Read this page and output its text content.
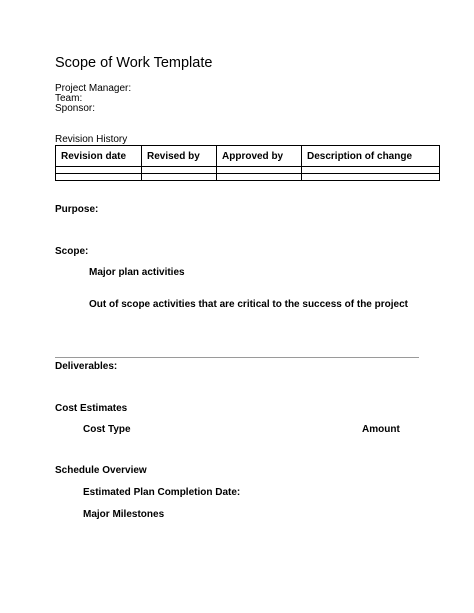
Scope of Work Template
Project Manager:
Team:
Sponsor:
Revision History
Revision date	Revised by	Approved by	Description of change

Purpose:
Scope:
Major plan activities
Out of scope activities that are critical to the success of the project
Deliverables:
Cost Estimates
Cost Type	Amount
Schedule Overview
Estimated Plan Completion Date:
Major Milestones
